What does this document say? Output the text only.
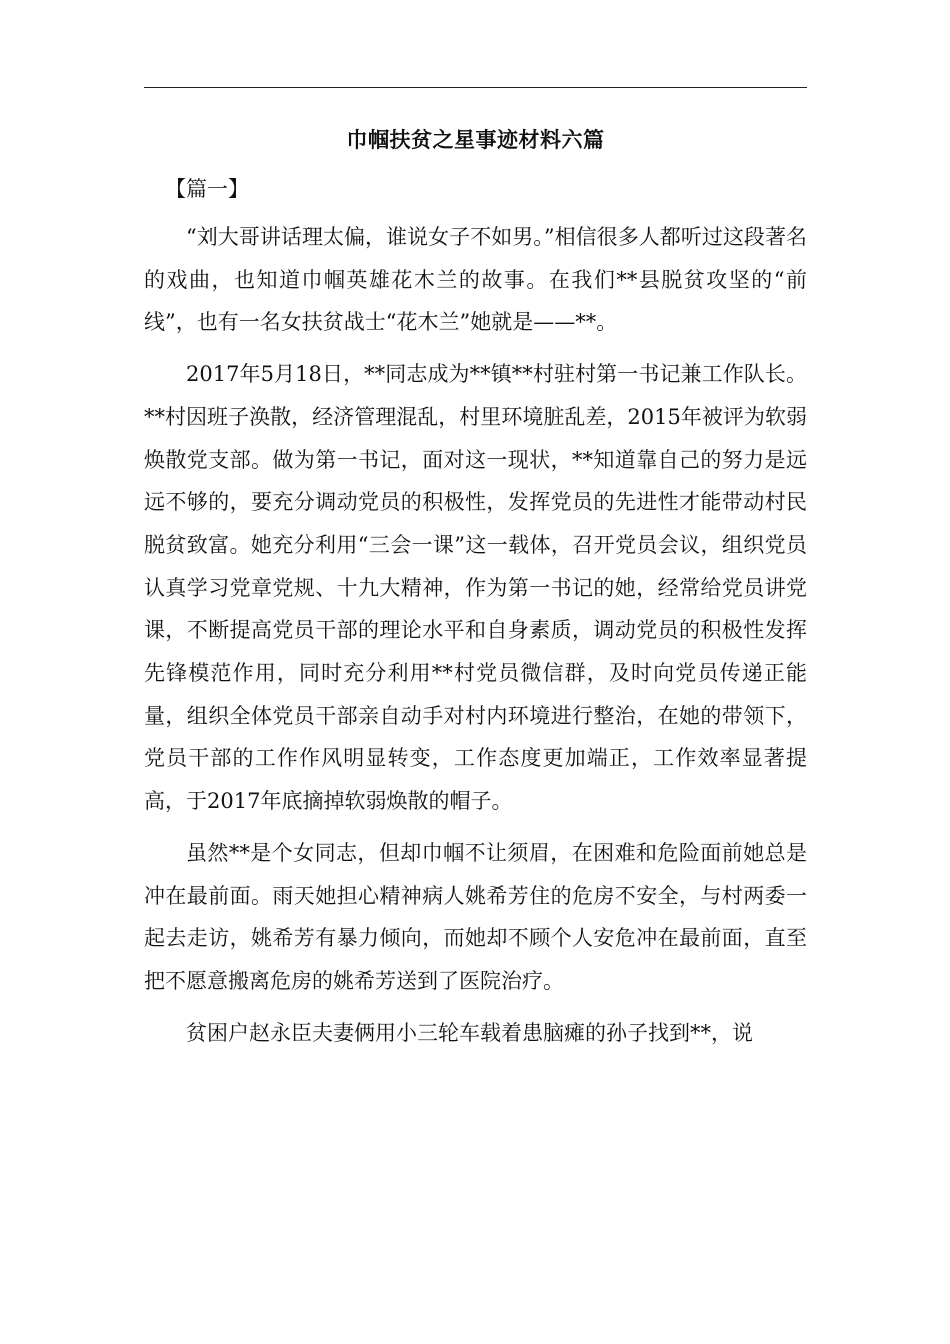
巾帼扶贫之星事迹材料六篇

【篇一】

“刘大哥讲话理太偏，谁说女子不如男。”相信很多人都听过这段著名的戏曲，也知道巾帼英雄花木兰的故事。在我们**县脱贫攻坚的“前线”，也有一名女扶贫战士“花木兰”她就是——**。

2017年5月18日，**同志成为**镇**村驻村第一书记兼工作队长。**村因班子涣散，经济管理混乱，村里环境脏乱差，2015年被评为软弱焕散党支部。做为第一书记，面对这一现状，**知道靠自己的努力是远远不够的，要充分调动党员的积极性，发挥党员的先进性才能带动村民脱贫致富。她充分利用“三会一课”这一载体，召开党员会议，组织党员认真学习党章党规、十九大精神，作为第一书记的她，经常给党员讲党课，不断提高党员干部的理论水平和自身素质，调动党员的积极性发挥先锋模范作用，同时充分利用**村党员微信群，及时向党员传递正能量，组织全体党员干部亲自动手对村内环境进行整治，在她的带领下，党员干部的工作作风明显转变，工作态度更加端正，工作效率显著提高，于2017年底摘掉软弱焕散的帽子。

虽然**是个女同志，但却巾帼不让须眉，在困难和危险面前她总是冲在最前面。雨天她担心精神病人姚希芳住的危房不安全，与村两委一起去走访，姚希芳有暴力倾向，而她却不顾个人安危冲在最前面，直至把不愿意搬离危房的姚希芳送到了医院治疗。

贫困户赵永臣夫妻俩用小三轮车载着患脑瘫的孙子找到**，说
